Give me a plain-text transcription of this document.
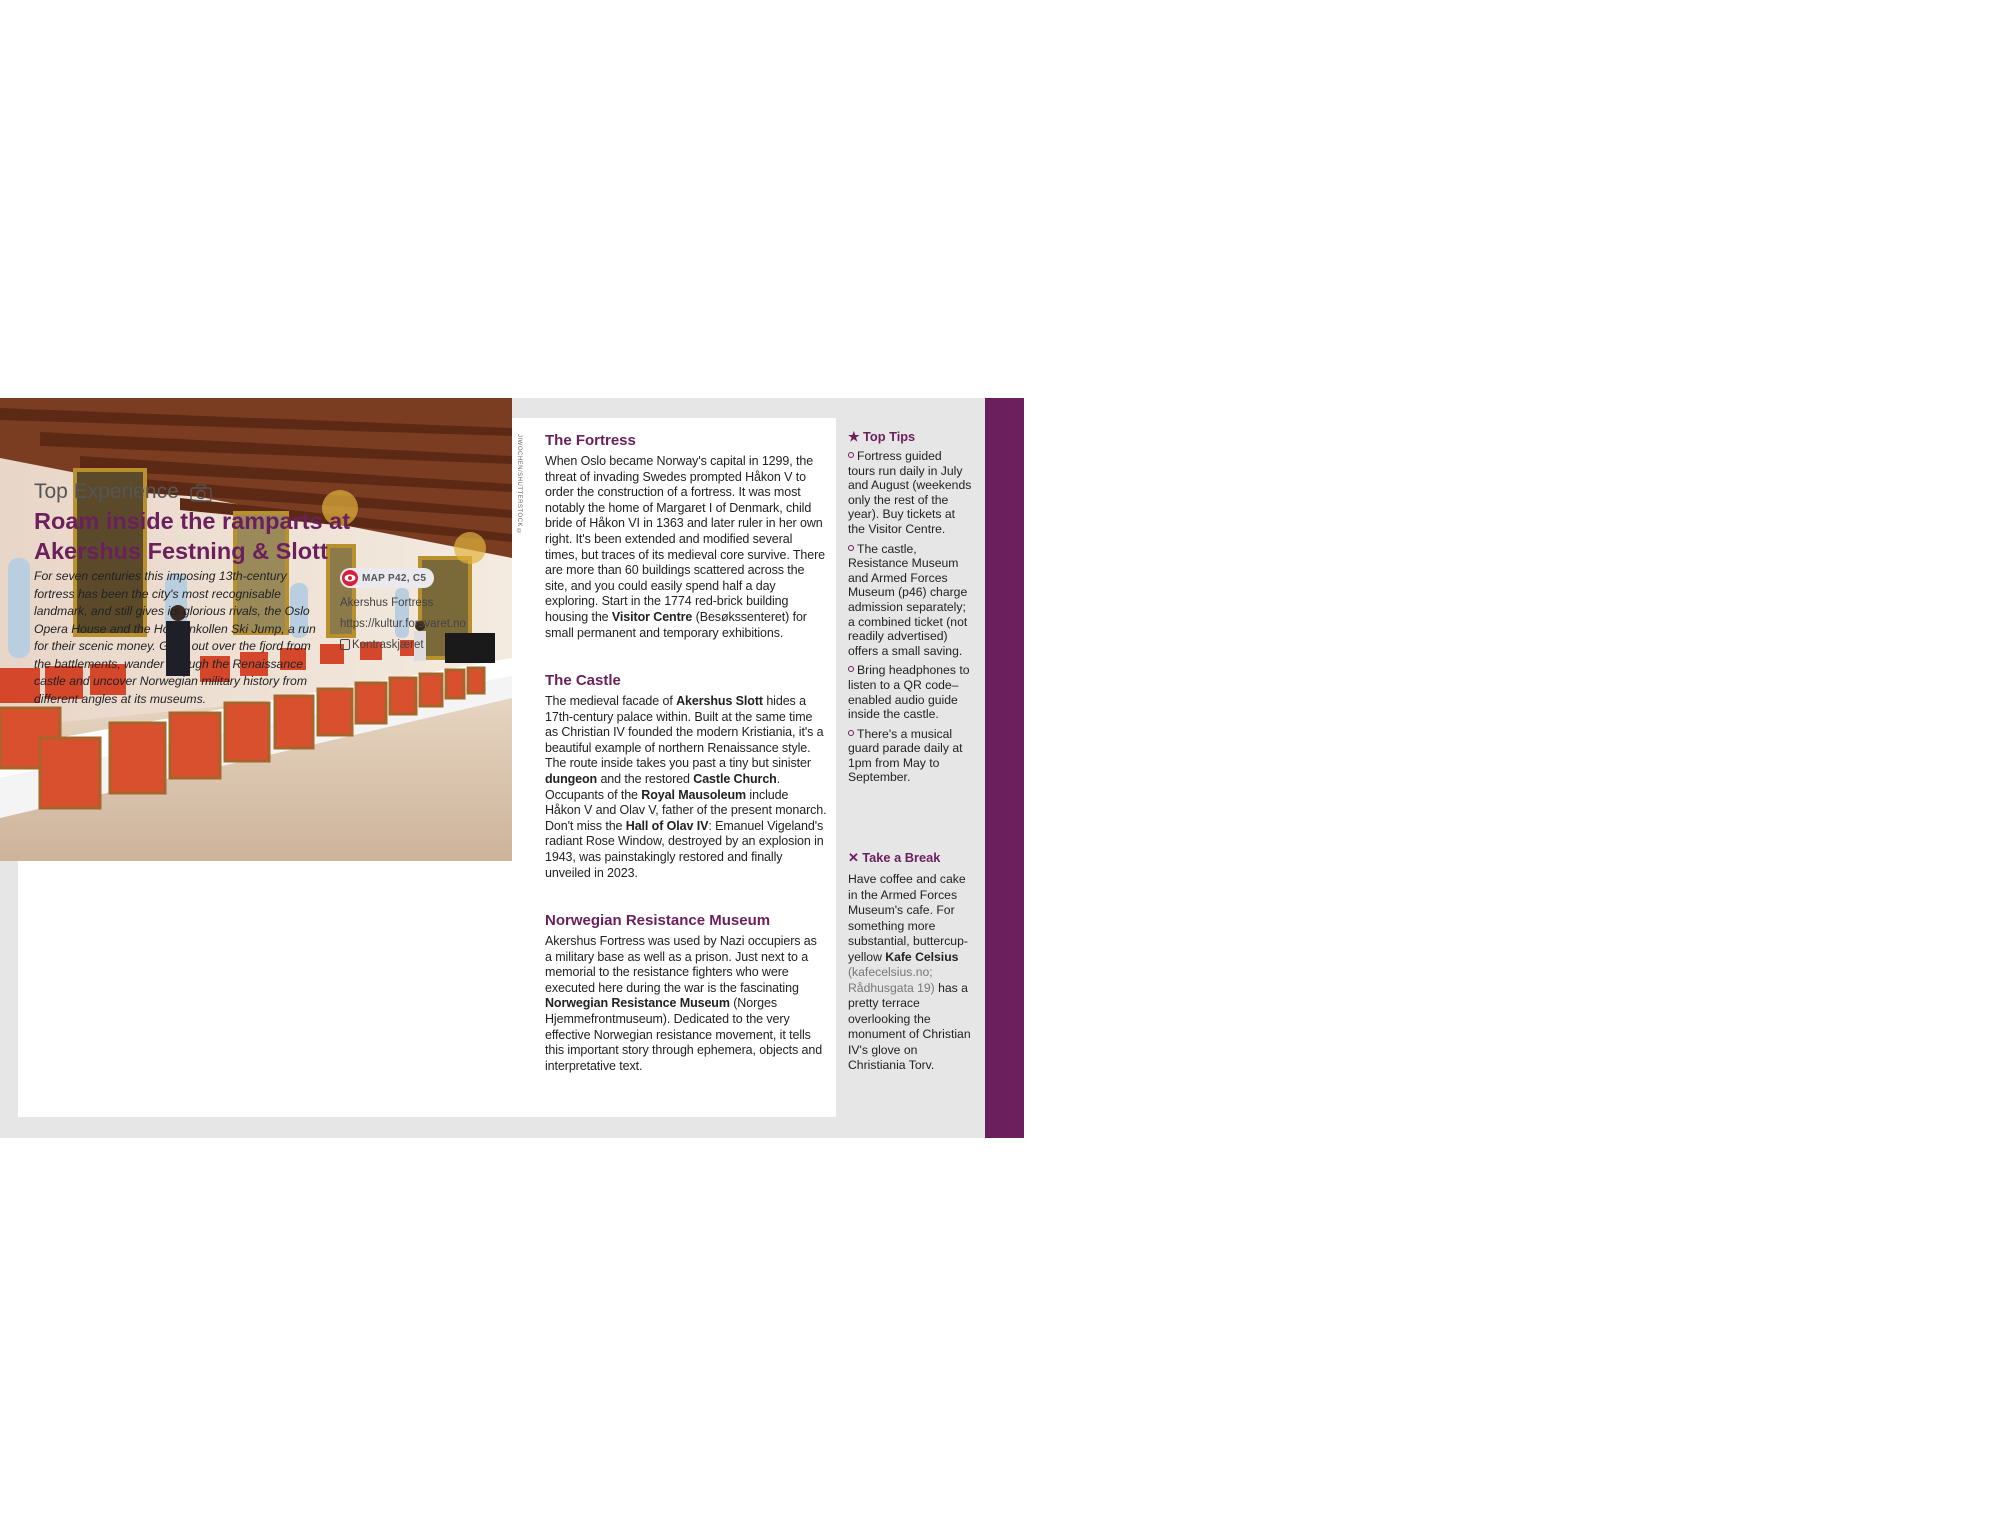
37
Oslo Sentrum  Roam inside the ramparts at Akershus Festning & Slott
JIWOCHEN/SHUTTERSTOCK ©
Top Experience
Roam inside the ramparts at
Akershus Festning & Slott
For seven centuries this imposing 13th-century fortress has been the city's most recognisable landmark, and still gives its glorious rivals, the Oslo Opera House and the Holmenkollen Ski Jump, a run for their scenic money. Gaze out over the fjord from the battlements, wander through the Renaissance castle and uncover Norwegian military history from different angles at its museums.
MAP P42, C5
Akershus Fortress
https://kultur.forsvaret.no
Kontraskjæret
The Fortress

When Oslo became Norway's capital in 1299, the threat of invading Swedes prompted Håkon V to order the construction of a fortress. It was most notably the home of Margaret I of Denmark, child bride of Håkon VI in 1363 and later ruler in her own right. It's been extended and modified several times, but traces of its medieval core survive. There are more than 60 buildings scattered across the site, and you could easily spend half a day exploring. Start in the 1774 red-brick building housing the Visitor Centre (Besøkssenteret) for small permanent and temporary exhibitions.

The Castle

The medieval facade of Akershus Slott hides a 17th-century palace within. Built at the same time as Christian IV founded the modern Kristiania, it's a beautiful example of northern Renaissance style. The route inside takes you past a tiny but sinister dungeon and the restored Castle Church. Occupants of the Royal Mausoleum include Håkon V and Olav V, father of the present monarch. Don't miss the Hall of Olav IV: Emanuel Vigeland's radiant Rose Window, destroyed by an explosion in 1943, was painstakingly restored and finally unveiled in 2023.

Norwegian Resistance Museum

Akershus Fortress was used by Nazi occupiers as a military base as well as a prison. Just next to a memorial to the resistance fighters who were executed here during the war is the fascinating Norwegian Resistance Museum (Norges Hjemmefrontmuseum). Dedicated to the very effective Norwegian resistance movement, it tells this important story through ephemera, objects and interpretative text.

★ Top Tips
Fortress guided tours run daily in July and August (weekends only the rest of the year). Buy tickets at the Visitor Centre.
The castle, Resistance Museum and Armed Forces Museum (p46) charge admission separately; a combined ticket (not readily advertised) offers a small saving.
Bring headphones to listen to a QR code–enabled audio guide inside the castle.
There's a musical guard parade daily at 1pm from May to September.
✕ Take a Break
Have coffee and cake in the Armed Forces Museum's cafe. For something more substantial, buttercup-yellow Kafe Celsius (kafecelsius.no; Rådhusgata 19) has a pretty terrace overlooking the monument of Christian IV's glove on Christiania Torv.
